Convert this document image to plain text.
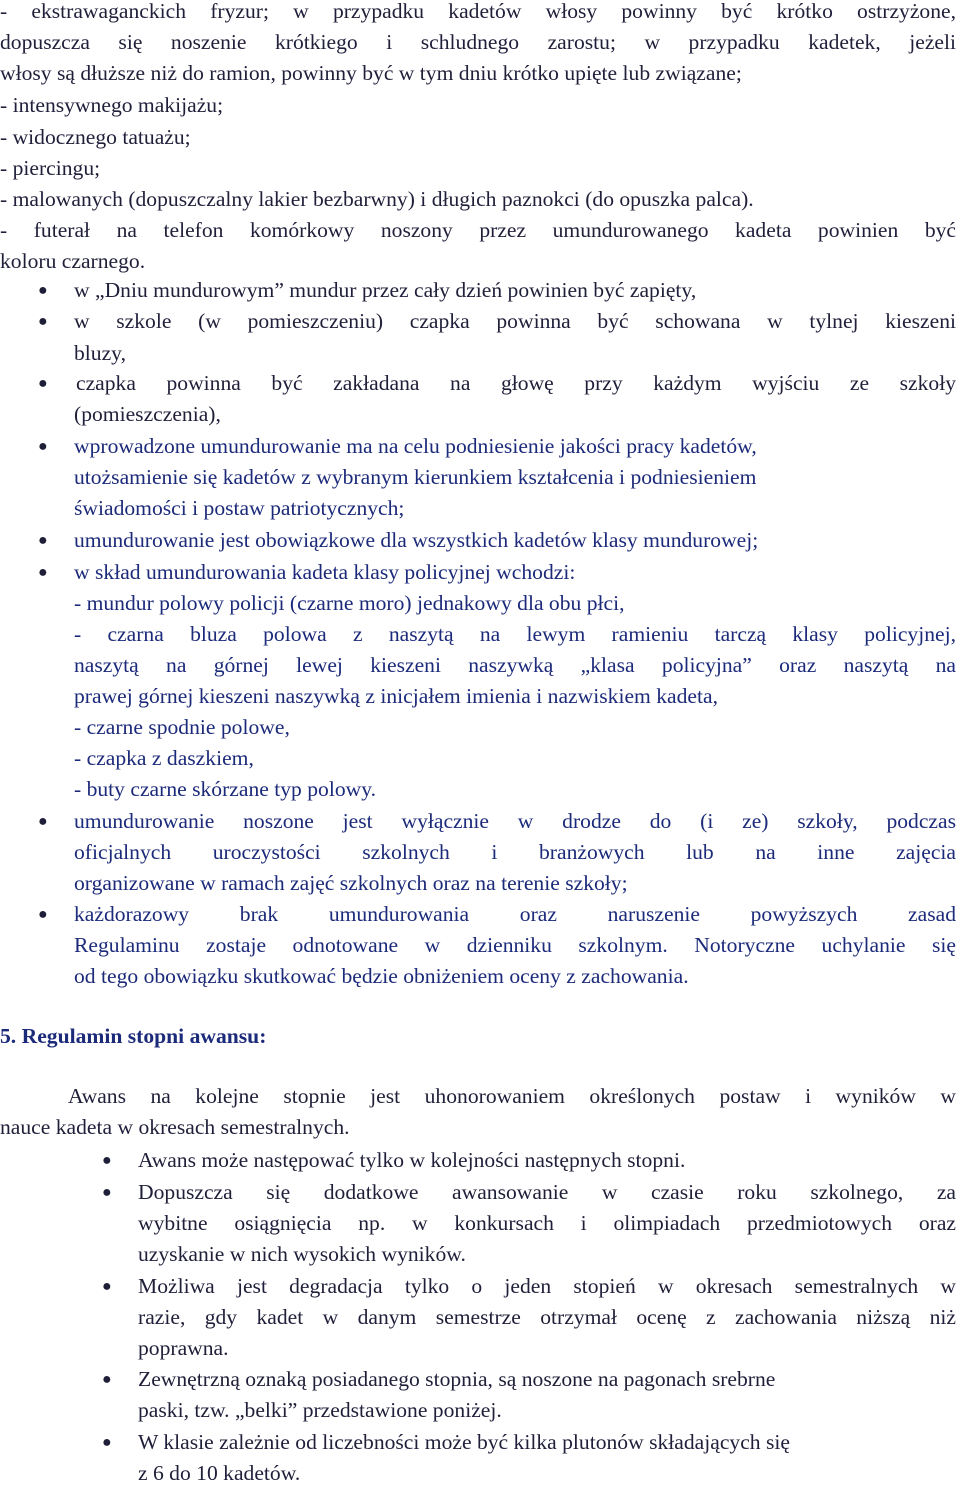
- ekstrawaganckich fryzur; w przypadku kadetów włosy powinny być krótko ostrzyżone,
dopuszcza się noszenie krótkiego i schludnego zarostu; w przypadku kadetek, jeżeli
włosy są dłuższe niż do ramion, powinny być w tym dniu krótko upięte lub związane;
- intensywnego makijażu;
- widocznego tatuażu;
- piercingu;
- malowanych (dopuszczalny lakier bezbarwny) i długich paznokci (do opuszka palca).
- futerał na telefon komórkowy noszony przez umundurowanego kadeta powinien być
koloru czarnego.
● w „Dniu mundurowym” mundur przez cały dzień powinien być zapięty,
● w szkole (w pomieszczeniu) czapka powinna być schowana w tylnej kieszeni
bluzy,
● czapka powinna być zakładana na głowę przy każdym wyjściu ze szkoły
(pomieszczenia),
● wprowadzone umundurowanie ma na celu podniesienie jakości pracy kadetów,
utożsamienie się kadetów z wybranym kierunkiem kształcenia i podniesieniem
świadomości i postaw patriotycznych;
● umundurowanie jest obowiązkowe dla wszystkich kadetów klasy mundurowej;
● w skład umundurowania kadeta klasy policyjnej wchodzi:
- mundur polowy policji (czarne moro) jednakowy dla obu płci,
- czarna bluza polowa z naszytą na lewym ramieniu tarczą klasy policyjnej,
naszytą na górnej lewej kieszeni naszywką „klasa policyjna” oraz naszytą na
prawej górnej kieszeni naszywką z inicjałem imienia i nazwiskiem kadeta,
- czarne spodnie polowe,
- czapka z daszkiem,
- buty czarne skórzane typ polowy.
● umundurowanie noszone jest wyłącznie w drodze do (i ze) szkoły, podczas
oficjalnych uroczystości szkolnych i branżowych lub na inne zajęcia
organizowane w ramach zajęć szkolnych oraz na terenie szkoły;
● każdorazowy brak umundurowania oraz naruszenie powyższych zasad
Regulaminu zostaje odnotowane w dzienniku szkolnym. Notoryczne uchylanie się
od tego obowiązku skutkować będzie obniżeniem oceny z zachowania.
5. Regulamin stopni awansu:
Awans na kolejne stopnie jest uhonorowaniem określonych postaw i wyników w
nauce kadeta w okresach semestralnych.
● Awans może następować tylko w kolejności następnych stopni.
● Dopuszcza się dodatkowe awansowanie w czasie roku szkolnego, za
wybitne osiągnięcia np. w konkursach i olimpiadach przedmiotowych oraz
uzyskanie w nich wysokich wyników.
● Możliwa jest degradacja tylko o jeden stopień w okresach semestralnych w
razie, gdy kadet w danym semestrze otrzymał ocenę z zachowania niższą niż
poprawna.
● Zewnętrzną oznaką posiadanego stopnia, są noszone na pagonach srebrne
paski, tzw. „belki” przedstawione poniżej.
● W klasie zależnie od liczebności może być kilka plutonów składających się
z 6 do 10 kadetów.
